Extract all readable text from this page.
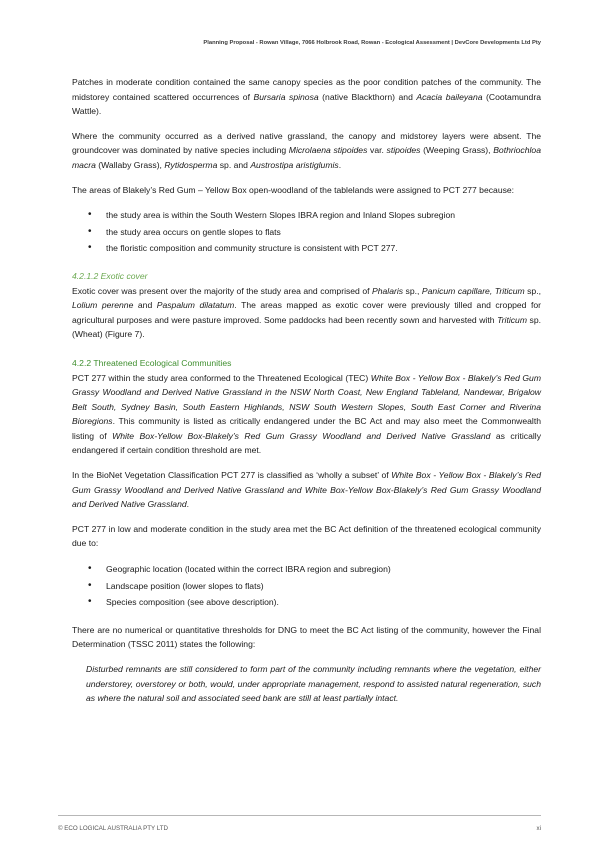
Planning Proposal - Rowan Village, 7066 Holbrook Road, Rowan - Ecological Assessment | DevCore Developments Ltd Pty

Patches in moderate condition contained the same canopy species as the poor condition patches of the community. The midstorey contained scattered occurrences of Bursaria spinosa (native Blackthorn) and Acacia baileyana (Cootamundra Wattle).

Where the community occurred as a derived native grassland, the canopy and midstorey layers were absent. The groundcover was dominated by native species including Microlaena stipoides var. stipoides (Weeping Grass), Bothriochloa macra (Wallaby Grass), Rytidosperma sp. and Austrostipa aristiglumis.

The areas of Blakely’s Red Gum – Yellow Box open-woodland of the tablelands were assigned to PCT 277 because:

• the study area is within the South Western Slopes IBRA region and Inland Slopes subregion
• the study area occurs on gentle slopes to flats
• the floristic composition and community structure is consistent with PCT 277.
4.2.1.2 Exotic cover

Exotic cover was present over the majority of the study area and comprised of Phalaris sp., Panicum capillare, Triticum sp., Lolium perenne and Paspalum dilatatum. The areas mapped as exotic cover were previously tilled and cropped for agricultural purposes and were pasture improved. Some paddocks had been recently sown and harvested with Triticum sp. (Wheat) (Figure 7).

4.2.2 Threatened Ecological Communities

PCT 277 within the study area conformed to the Threatened Ecological (TEC) White Box - Yellow Box - Blakely’s Red Gum Grassy Woodland and Derived Native Grassland in the NSW North Coast, New England Tableland, Nandewar, Brigalow Belt South, Sydney Basin, South Eastern Highlands, NSW South Western Slopes, South East Corner and Riverina Bioregions. This community is listed as critically endangered under the BC Act and may also meet the Commonwealth listing of White Box-Yellow Box-Blakely’s Red Gum Grassy Woodland and Derived Native Grassland as critically endangered if certain condition threshold are met.

In the BioNet Vegetation Classification PCT 277 is classified as ‘wholly a subset’ of White Box - Yellow Box - Blakely’s Red Gum Grassy Woodland and Derived Native Grassland and White Box-Yellow Box-Blakely’s Red Gum Grassy Woodland and Derived Native Grassland.

PCT 277 in low and moderate condition in the study area met the BC Act definition of the threatened ecological community due to:

• Geographic location (located within the correct IBRA region and subregion)
• Landscape position (lower slopes to flats)
• Species composition (see above description).

There are no numerical or quantitative thresholds for DNG to meet the BC Act listing of the community, however the Final Determination (TSSC 2011) states the following:

Disturbed remnants are still considered to form part of the community including remnants where the vegetation, either understorey, overstorey or both, would, under appropriate management, respond to assisted natural regeneration, such as where the natural soil and associated seed bank are still at least partially intact.

© ECO LOGICAL AUSTRALIA PTY LTD	xi
